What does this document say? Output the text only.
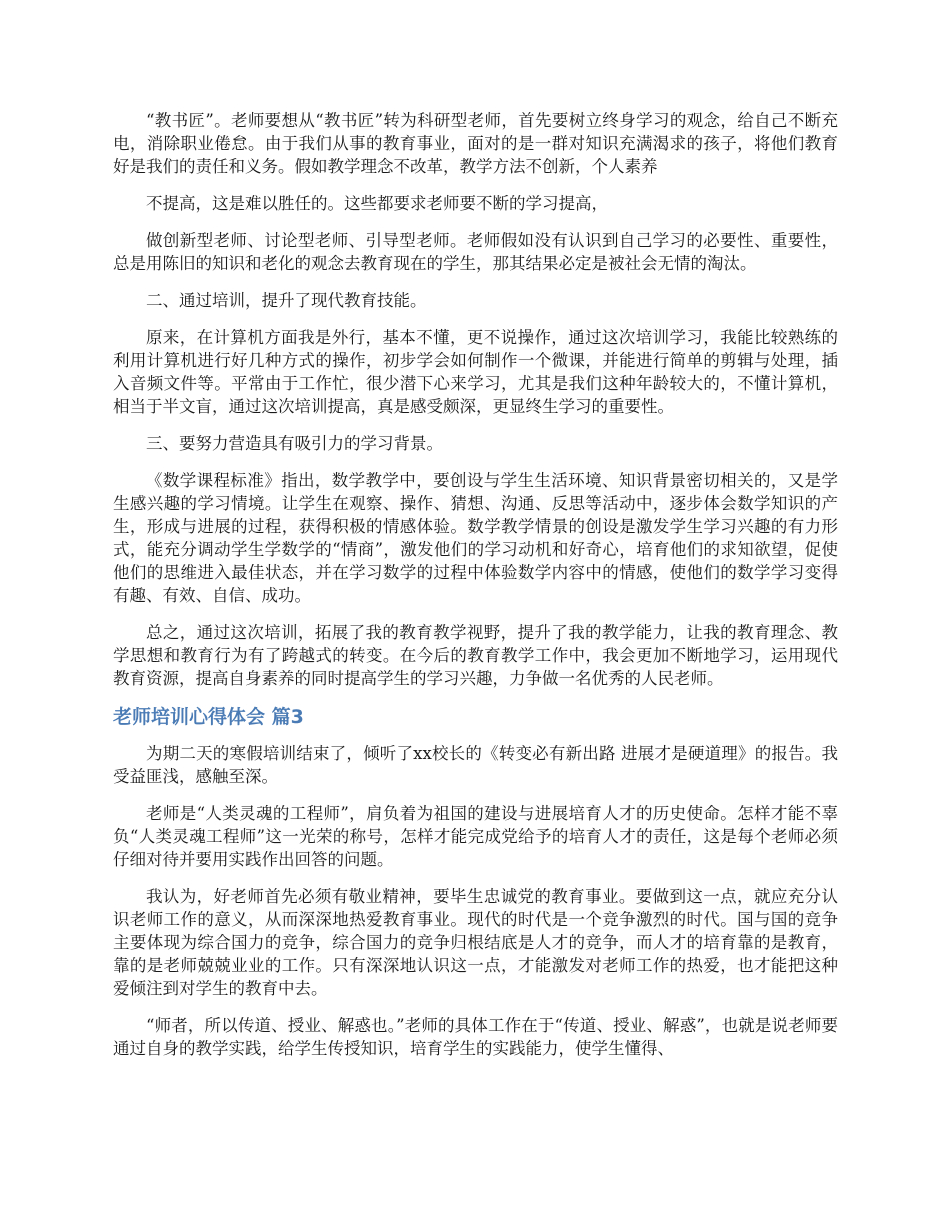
“教书匠”。老师要想从“教书匠”转为科研型老师，首先要树立终身学习的观念，给自己不断充电，消除职业倦怠。由于我们从事的教育事业，面对的是一群对知识充满渴求的孩子，将他们教育好是我们的责任和义务。假如教学理念不改革，教学方法不创新，个人素养

不提高，这是难以胜任的。这些都要求老师要不断的学习提高，

做创新型老师、讨论型老师、引导型老师。老师假如没有认识到自己学习的必要性、重要性，总是用陈旧的知识和老化的观念去教育现在的学生，那其结果必定是被社会无情的淘汰。

二、通过培训，提升了现代教育技能。

原来，在计算机方面我是外行，基本不懂，更不说操作，通过这次培训学习，我能比较熟练的利用计算机进行好几种方式的操作，初步学会如何制作一个微课，并能进行简单的剪辑与处理，插入音频文件等。平常由于工作忙，很少潜下心来学习，尤其是我们这种年龄较大的，不懂计算机，相当于半文盲，通过这次培训提高，真是感受颇深，更显终生学习的重要性。

三、要努力营造具有吸引力的学习背景。

《数学课程标准》指出，数学教学中，要创设与学生生活环境、知识背景密切相关的，又是学生感兴趣的学习情境。让学生在观察、操作、猜想、沟通、反思等活动中，逐步体会数学知识的产生，形成与进展的过程，获得积极的情感体验。数学教学情景的创设是激发学生学习兴趣的有力形式，能充分调动学生学数学的“情商”，激发他们的学习动机和好奇心，培育他们的求知欲望，促使他们的思维进入最佳状态，并在学习数学的过程中体验数学内容中的情感，使他们的数学学习变得有趣、有效、自信、成功。

总之，通过这次培训，拓展了我的教育教学视野，提升了我的教学能力，让我的教育理念、教学思想和教育行为有了跨越式的转变。在今后的教育教学工作中，我会更加不断地学习，运用现代教育资源，提高自身素养的同时提高学生的学习兴趣，力争做一名优秀的人民老师。

老师培训心得体会 篇3

为期二天的寒假培训结束了，倾听了xx校长的《转变必有新出路 进展才是硬道理》的报告。我受益匪浅，感触至深。

老师是“人类灵魂的工程师”，肩负着为祖国的建设与进展培育人才的历史使命。怎样才能不辜负“人类灵魂工程师”这一光荣的称号，怎样才能完成党给予的培育人才的责任，这是每个老师必须仔细对待并要用实践作出回答的问题。

我认为，好老师首先必须有敬业精神，要毕生忠诚党的教育事业。要做到这一点，就应充分认识老师工作的意义，从而深深地热爱教育事业。现代的时代是一个竞争激烈的时代。国与国的竞争主要体现为综合国力的竞争，综合国力的竞争归根结底是人才的竞争，而人才的培育靠的是教育，靠的是老师兢兢业业的工作。只有深深地认识这一点，才能激发对老师工作的热爱，也才能把这种爱倾注到对学生的教育中去。

“师者，所以传道、授业、解惑也。”老师的具体工作在于“传道、授业、解惑”，也就是说老师要通过自身的教学实践，给学生传授知识，培育学生的实践能力，使学生懂得、
